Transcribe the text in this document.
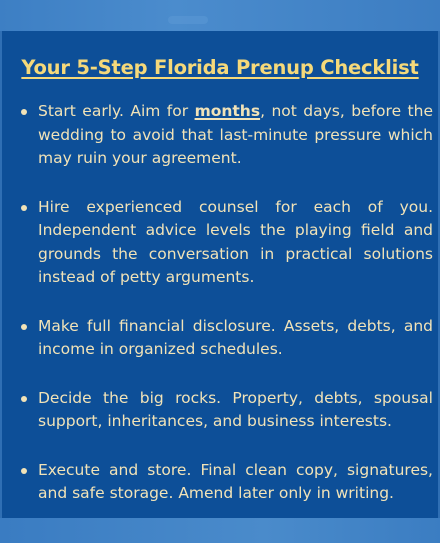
Your 5-Step Florida Prenup Checklist
Start early. Aim for months, not days, before the wedding to avoid that last-minute pressure which may ruin your agreement.
Hire experienced counsel for each of you. Independent advice levels the playing field and grounds the conversation in practical solutions instead of petty arguments.
Make full financial disclosure. Assets, debts, and income in organized schedules.
Decide the big rocks. Property, debts, spousal support, inheritances, and business interests.
Execute and store. Final clean copy, signatures, and safe storage. Amend later only in writing.
